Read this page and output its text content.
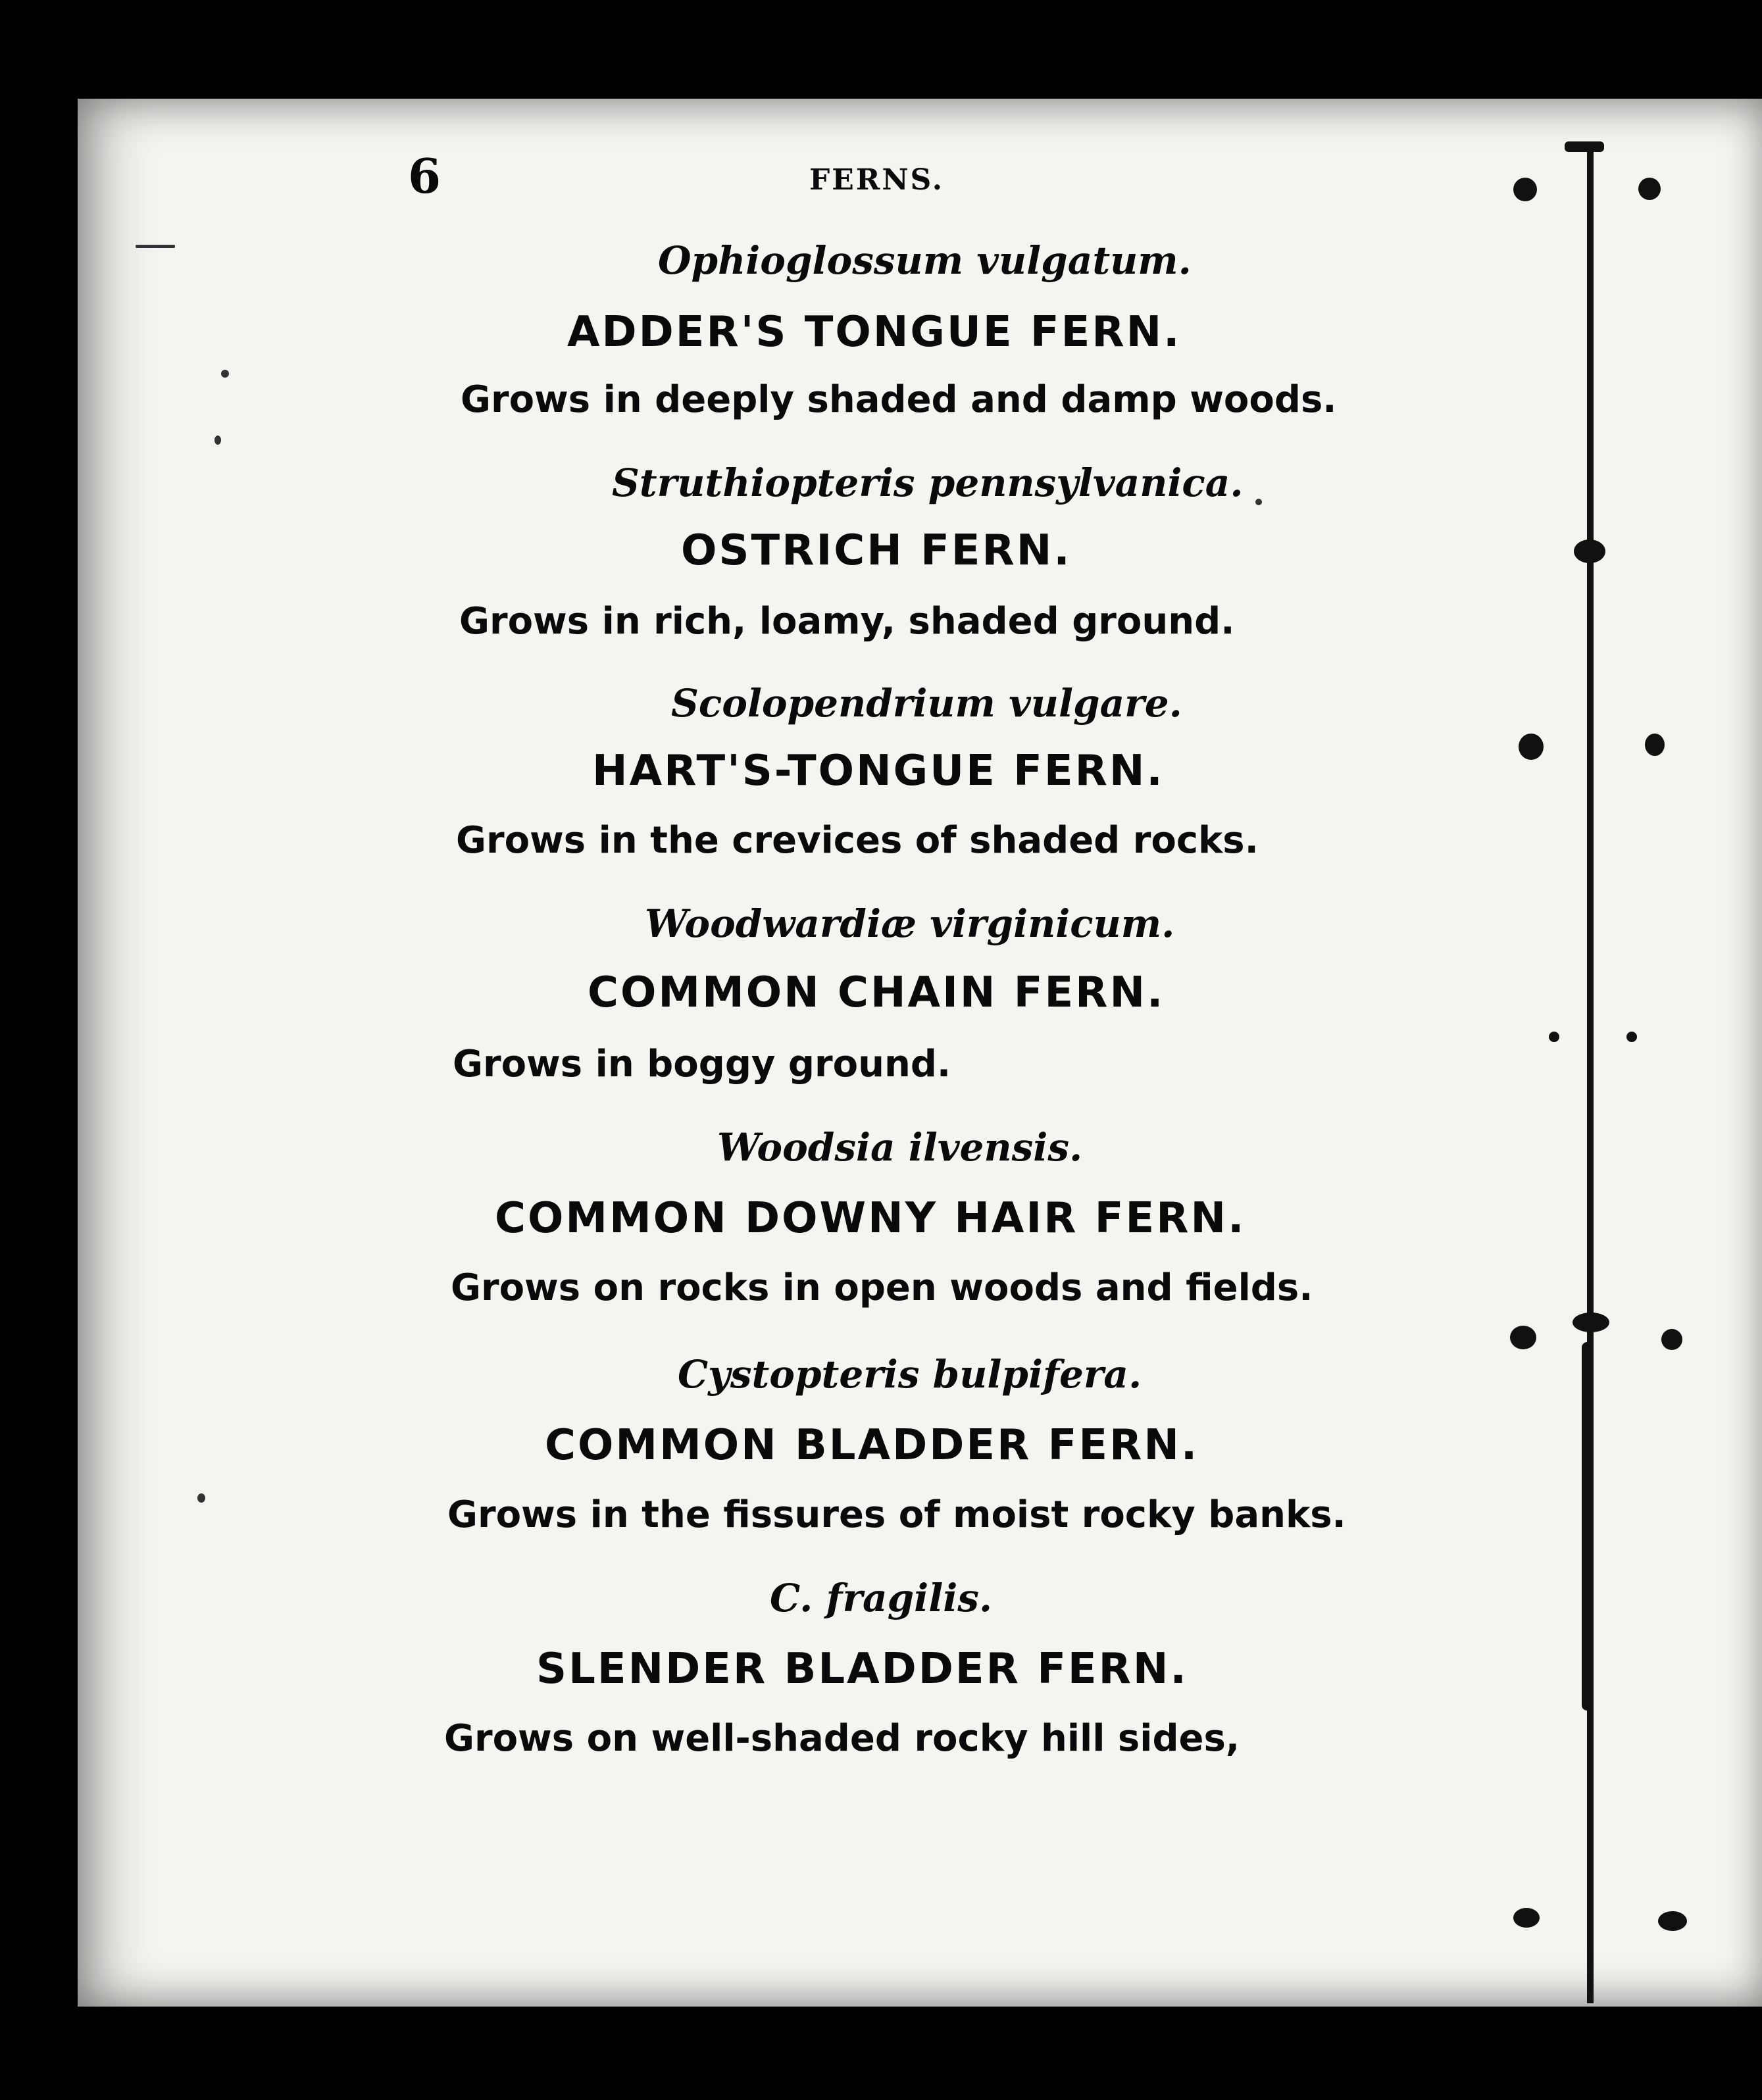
6	FERNS.
Ophioglossum vulgatum.
ADDER'S TONGUE FERN.
Grows in deeply shaded and damp woods.
Struthiopteris pennsylvanica.
OSTRICH FERN.
Grows in rich, loamy, shaded ground.
Scolopendrium vulgare.
HART'S-TONGUE FERN.
Grows in the crevices of shaded rocks.
Woodwardiæ virginicum.
COMMON CHAIN FERN.
Grows in boggy ground.
Woodsia ilvensis.
COMMON DOWNY HAIR FERN.
Grows on rocks in open woods and fields.
Cystopteris bulpifera.
COMMON BLADDER FERN.
Grows in the fissures of moist rocky banks.
C. fragilis.
SLENDER BLADDER FERN.
Grows on well-shaded rocky hill sides,
